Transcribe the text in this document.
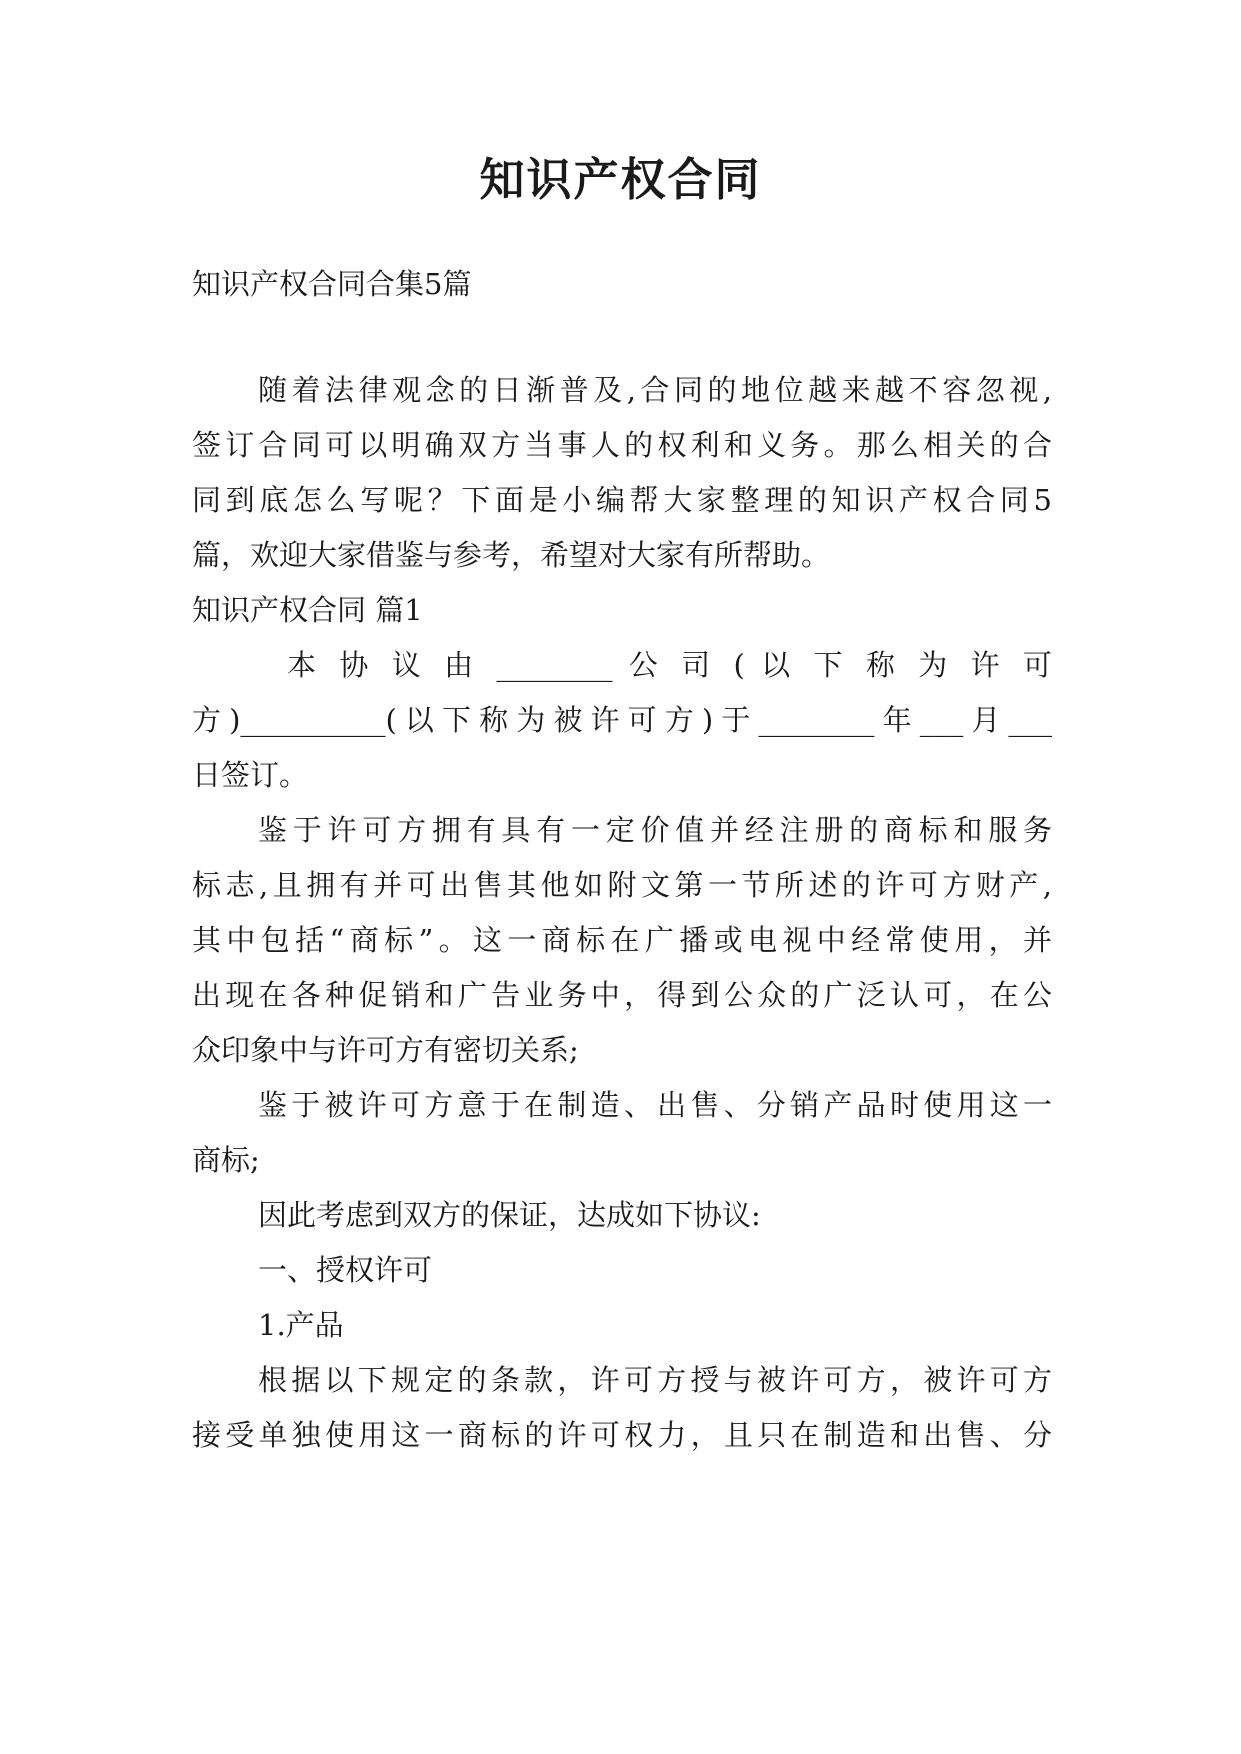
知识产权合同

知识产权合同合集5篇

随着法律观念的日渐普及,合同的地位越来越不容忽视,

签订合同可以明确双方当事人的权利和义务。那么相关的合

同到底怎么写呢？下面是小编帮大家整理的知识产权合同5

篇，欢迎大家借鉴与参考，希望对大家有所帮助。

知识产权合同 篇1

本 协 议 由 ________ 公 司 ( 以 下 称 为 许 可

方)__________(以下称为被许可方)于________年___月___

日签订。

鉴于许可方拥有具有一定价值并经注册的商标和服务

标志,且拥有并可出售其他如附文第一节所述的许可方财产,

其中包括“商标”。这一商标在广播或电视中经常使用，并

出现在各种促销和广告业务中，得到公众的广泛认可，在公

众印象中与许可方有密切关系;

鉴于被许可方意于在制造、出售、分销产品时使用这一

商标;

因此考虑到双方的保证，达成如下协议:

一、授权许可

1.产品

根据以下规定的条款，许可方授与被许可方，被许可方

接受单独使用这一商标的许可权力，且只在制造和出售、分
